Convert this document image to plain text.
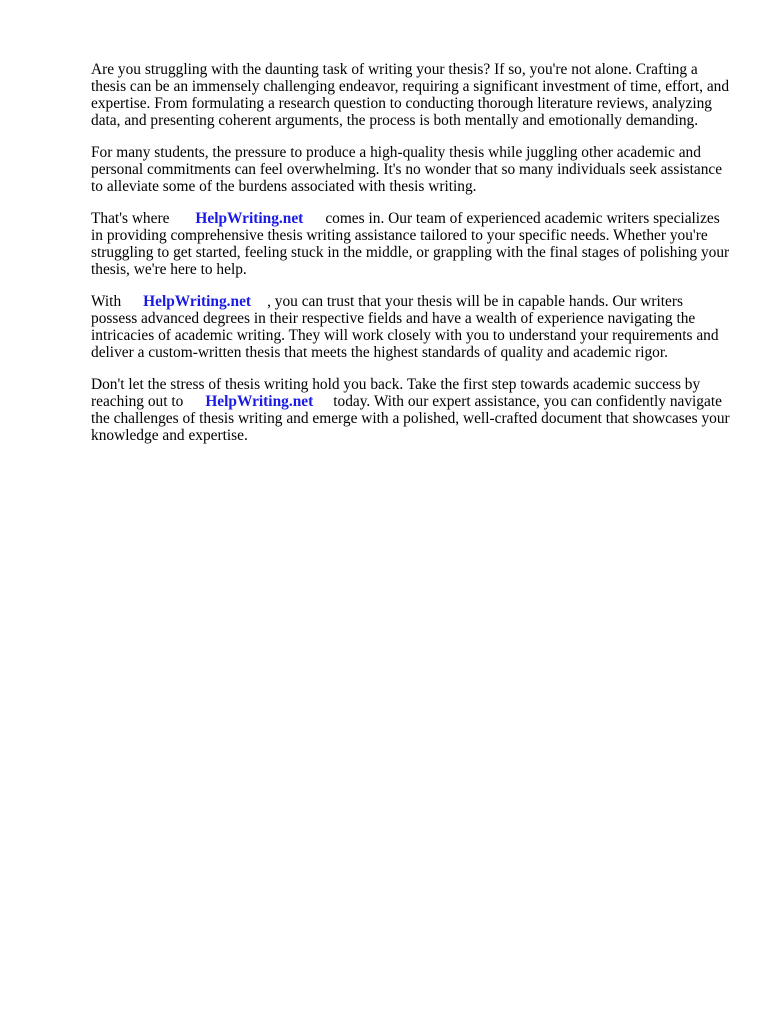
Are you struggling with the daunting task of writing your thesis? If so, you're not alone. Crafting a thesis can be an immensely challenging endeavor, requiring a significant investment of time, effort, and expertise. From formulating a research question to conducting thorough literature reviews, analyzing data, and presenting coherent arguments, the process is both mentally and emotionally demanding.

For many students, the pressure to produce a high-quality thesis while juggling other academic and personal commitments can feel overwhelming. It's no wonder that so many individuals seek assistance to alleviate some of the burdens associated with thesis writing.

That's where HelpWriting.net comes in. Our team of experienced academic writers specializes in providing comprehensive thesis writing assistance tailored to your specific needs. Whether you're struggling to get started, feeling stuck in the middle, or grappling with the final stages of polishing your thesis, we're here to help.

With HelpWriting.net , you can trust that your thesis will be in capable hands. Our writers possess advanced degrees in their respective fields and have a wealth of experience navigating the intricacies of academic writing. They will work closely with you to understand your requirements and deliver a custom-written thesis that meets the highest standards of quality and academic rigor.

Don't let the stress of thesis writing hold you back. Take the first step towards academic success by reaching out to HelpWriting.net today. With our expert assistance, you can confidently navigate the challenges of thesis writing and emerge with a polished, well-crafted document that showcases your knowledge and expertise.
